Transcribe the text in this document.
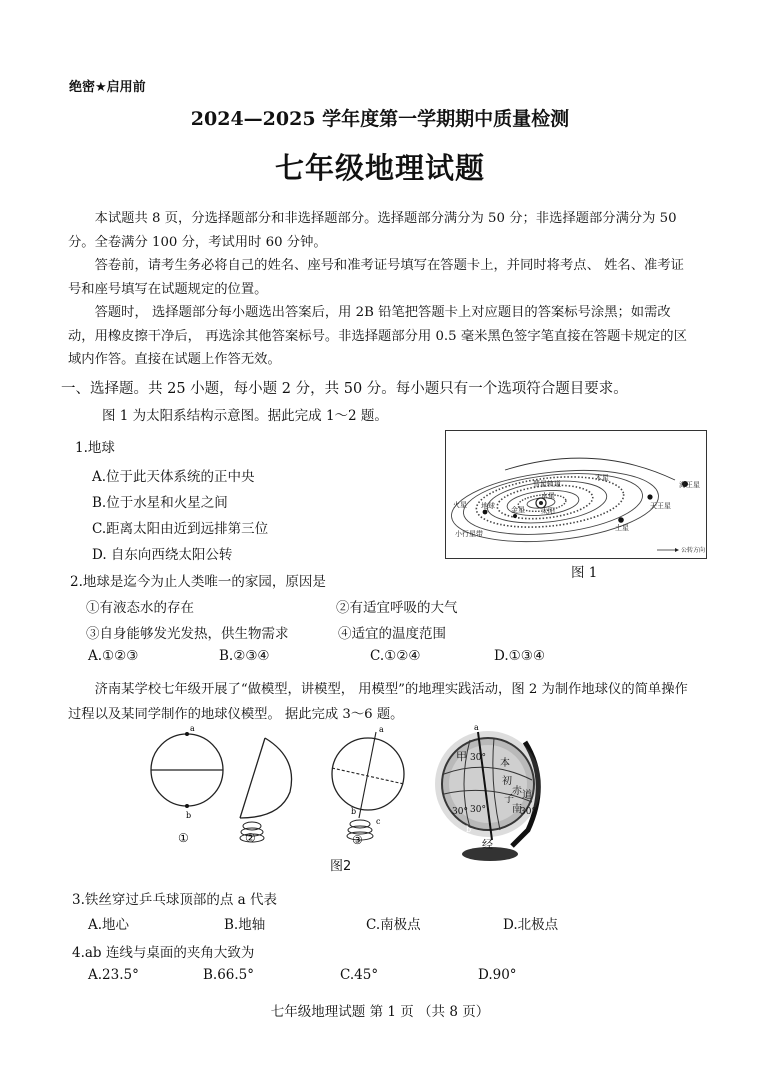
绝密★启用前
2024—2025 学年度第一学期期中质量检测
七年级地理试题

本试题共 8 页，分选择题部分和非选择题部分。选择题部分满分为 50 分；非选择题部分满分为 50 分。全卷满分 100 分，考试用时 60 分钟。

答卷前，请考生务必将自己的姓名、座号和准考证号填写在答题卡上，并同时将考点、 姓名、准考证号和座号填写在试题规定的位置。

答题时， 选择题部分每小题选出答案后，用 2B 铅笔把答题卡上对应题目的答案标号涂黑；如需改动，用橡皮擦干净后， 再选涂其他答案标号。非选择题部分用 0.5 毫米黑色签字笔直接在答题卡规定的区域内作答。直接在试题上作答无效。

一、选择题。共 25 小题，每小题 2 分，共 50 分。每小题只有一个选项符合题目要求。
图 1 为太阳系结构示意图。据此完成 1～2 题。
1.地球
A.位于此天体系统的正中央
B.位于水星和火星之间
C.距离太阳由近到远排第三位
D. 自东向西绕太阳公转
彗星轨道
水星
太阳
金星
地球
火星
小行星带
木星
土星
天王星
海王星
公转方向
图 1
2.地球是迄今为止人类唯一的家园，原因是
①有液态水的存在	②有适宜呼吸的大气
③自身能够发光发热，供生物需求	④适宜的温度范围
A.①②③	B.②③④	C.①②④	D.①③④

济南某学校七年级开展了“做模型，讲模型， 用模型”的地理实践活动，图 2 为制作地球仪的简单操作过程以及某同学制作的地球仪模型。 据此完成 3～6 题。

a
b
①	②
a
b
c
③
a
b
甲 30° 本
初
子
南
赤 道
30°
30° 30°
经
图2
3.铁丝穿过乒乓球顶部的点 a 代表
A.地心	B.地轴	C.南极点	D.北极点
4.ab 连线与桌面的夹角大致为
A.23.5°	B.66.5°	C.45°	D.90°
七年级地理试题 第 1 页 （共 8 页）
